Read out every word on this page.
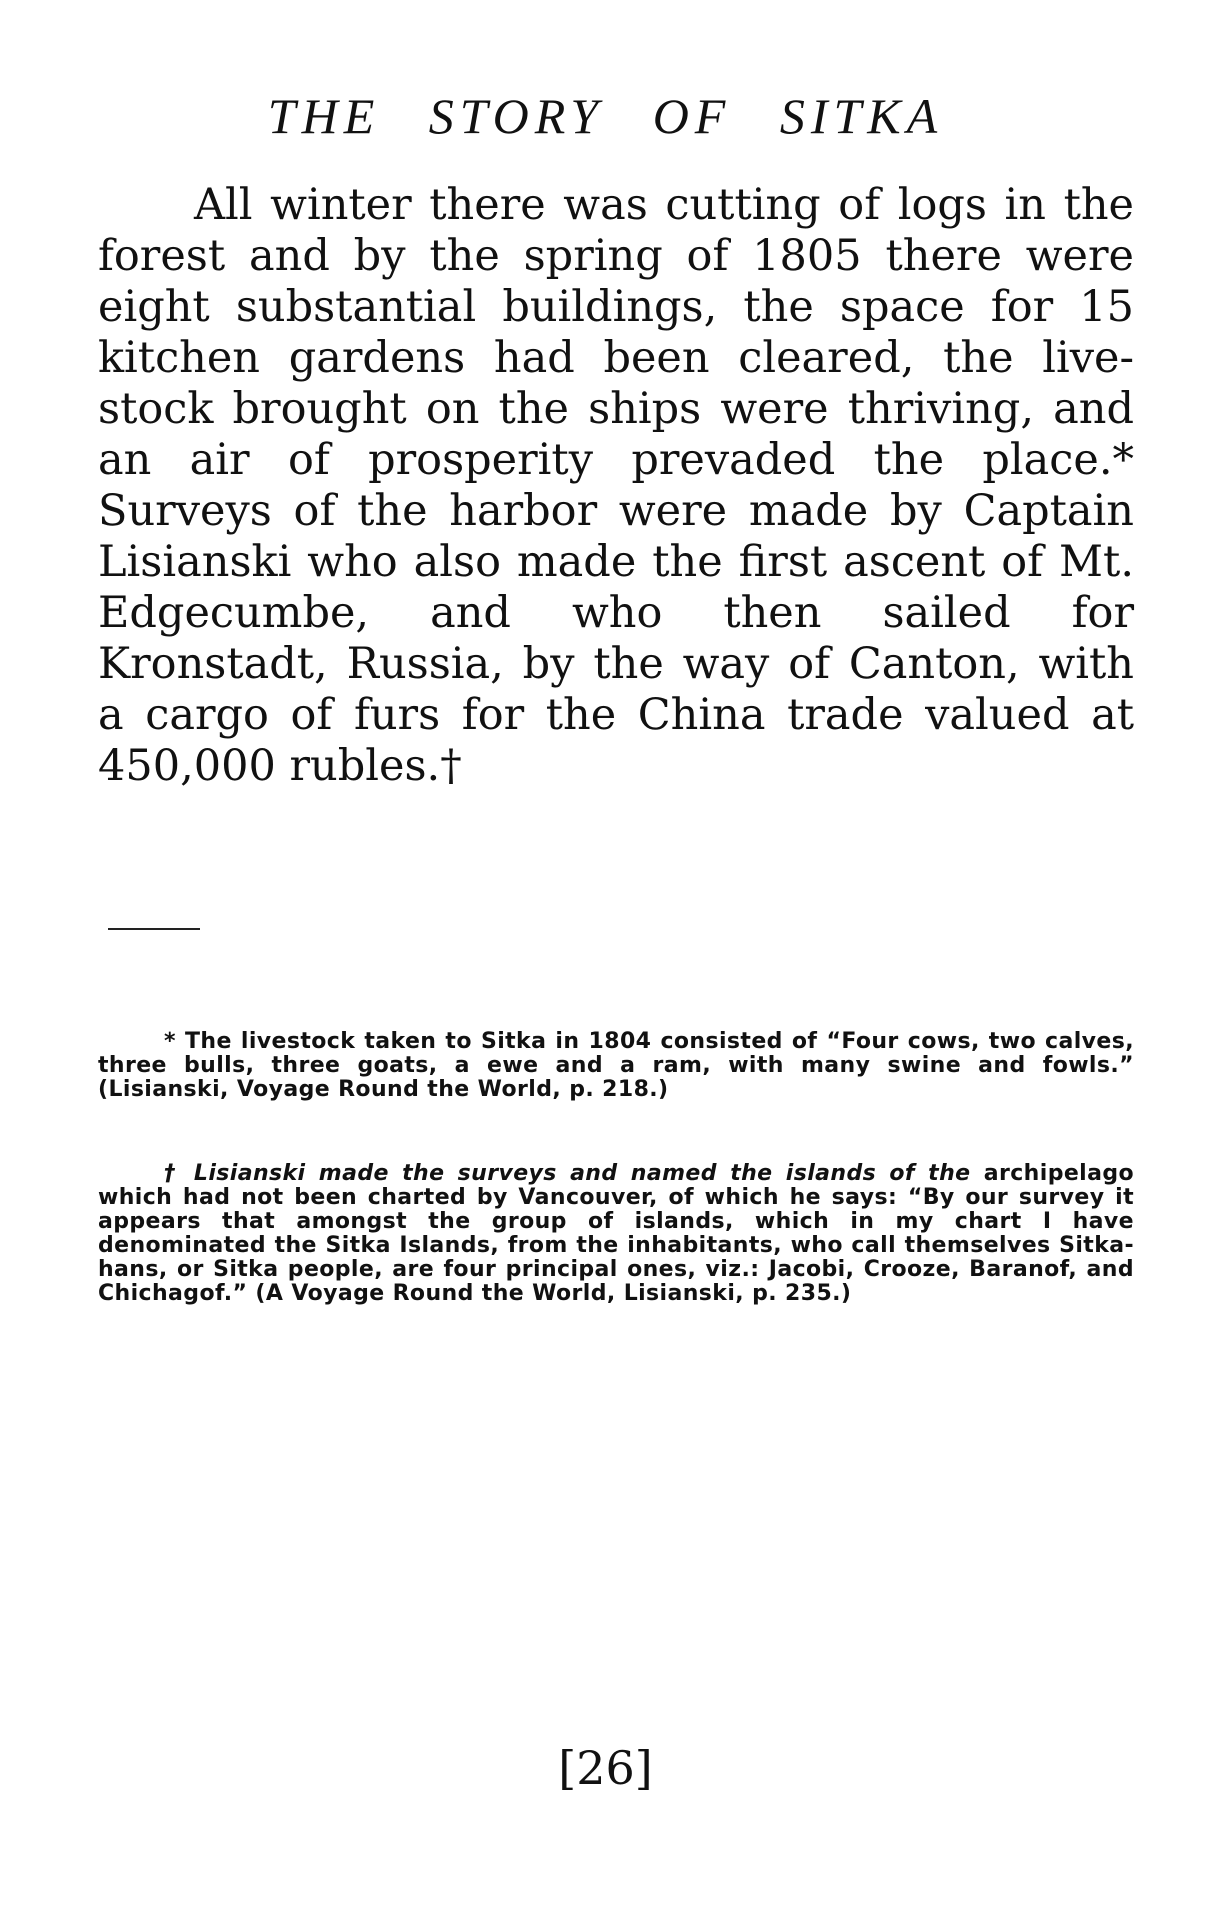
THE STORY OF SITKA

All winter there was cutting of logs in the forest and by the spring of 1805 there were eight substantial buildings, the space for 15 kitchen gardens had been cleared, the live-stock brought on the ships were thriving, and an air of prosperity prevaded the place.* Surveys of the harbor were made by Captain Lisianski who also made the first ascent of Mt. Edgecumbe, and who then sailed for Kronstadt, Russia, by the way of Canton, with a cargo of furs for the China trade valued at 450,000 rubles.†

* The livestock taken to Sitka in 1804 consisted of “Four cows, two calves, three bulls, three goats, a ewe and a ram, with many swine and fowls.” (Lisianski, Voyage Round the World, p. 218.)

† Lisianski made the surveys and named the islands of the archipelago which had not been charted by Vancouver, of which he says: “By our survey it appears that amongst the group of islands, which in my chart I have denominated the Sitka Islands, from the inhabitants, who call themselves Sitka-hans, or Sitka people, are four principal ones, viz.: Jacobi, Crooze, Baranof, and Chichagof.” (A Voyage Round the World, Lisianski, p. 235.)

[26]
